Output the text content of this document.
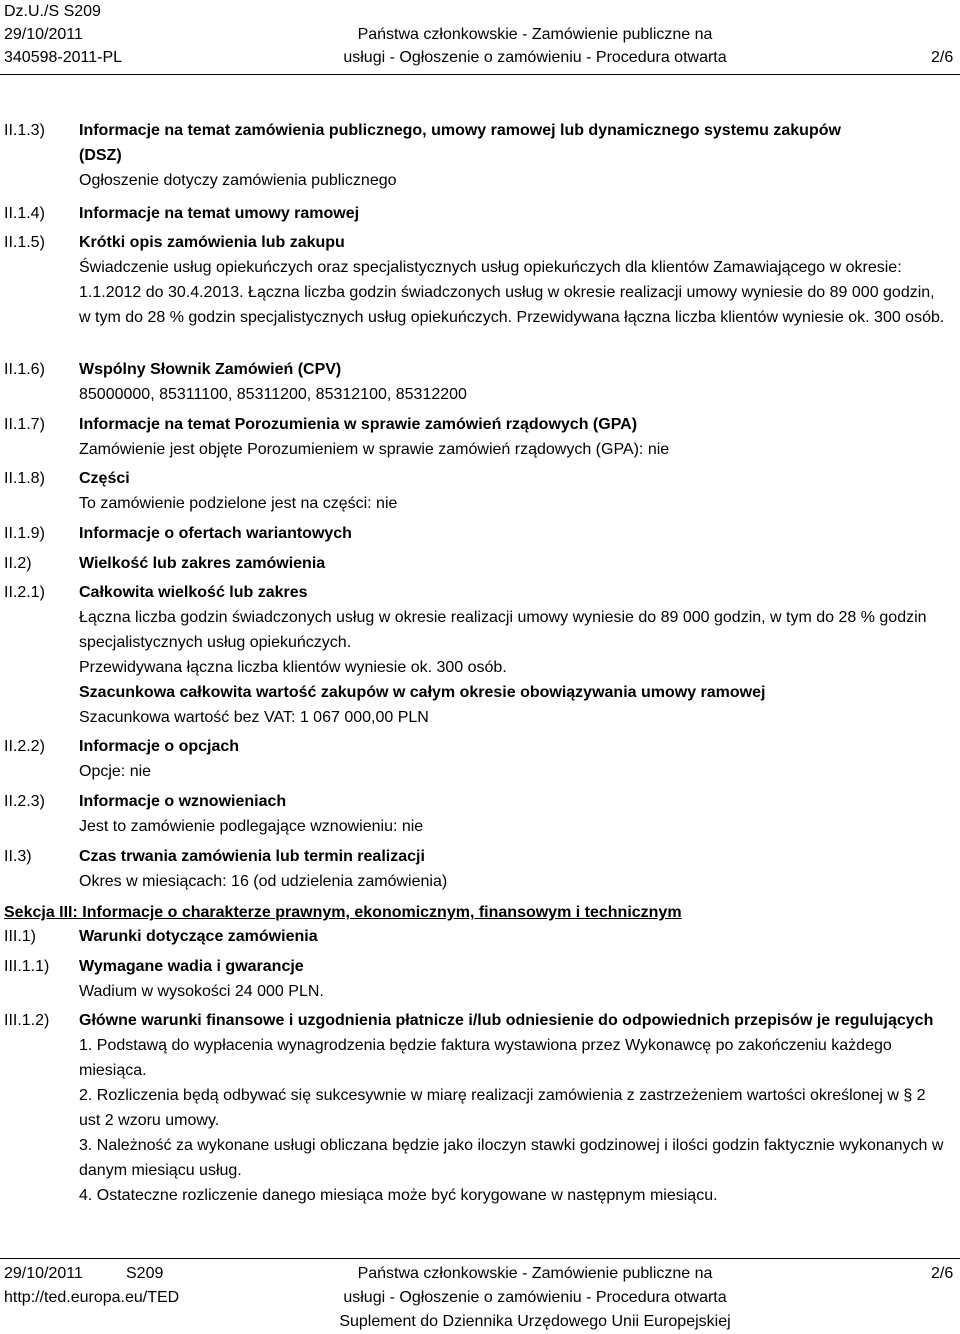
Dz.U./S S209
29/10/2011
340598-2011-PL
Państwa członkowskie - Zamówienie publiczne na
usługi - Ogłoszenie o zamówieniu - Procedura otwarta	2/6
II.1.3)	Informacje na temat zamówienia publicznego, umowy ramowej lub dynamicznego systemu zakupów
(DSZ)
Ogłoszenie dotyczy zamówienia publicznego
II.1.4)	Informacje na temat umowy ramowej
II.1.5)	Krótki opis zamówienia lub zakupu
Świadczenie usług opiekuńczych oraz specjalistycznych usług opiekuńczych dla klientów Zamawiającego w okresie: 1.1.2012 do 30.4.2013. Łączna liczba godzin świadczonych usług w okresie realizacji umowy wyniesie do 89 000 godzin, w tym do 28 % godzin specjalistycznych usług opiekuńczych. Przewidywana łączna liczba klientów wyniesie ok. 300 osób.
II.1.6)	Wspólny Słownik Zamówień (CPV)
85000000, 85311100, 85311200, 85312100, 85312200
II.1.7)	Informacje na temat Porozumienia w sprawie zamówień rządowych (GPA)
Zamówienie jest objęte Porozumieniem w sprawie zamówień rządowych (GPA): nie
II.1.8)	Części
To zamówienie podzielone jest na części: nie
II.1.9)	Informacje o ofertach wariantowych
II.2)	Wielkość lub zakres zamówienia
II.2.1)	Całkowita wielkość lub zakres
Łączna liczba godzin świadczonych usług w okresie realizacji umowy wyniesie do 89 000 godzin, w tym do 28 % godzin specjalistycznych usług opiekuńczych.
Przewidywana łączna liczba klientów wyniesie ok. 300 osób.
Szacunkowa całkowita wartość zakupów w całym okresie obowiązywania umowy ramowej
Szacunkowa wartość bez VAT: 1 067 000,00 PLN
II.2.2)	Informacje o opcjach
Opcje: nie
II.2.3)	Informacje o wznowieniach
Jest to zamówienie podlegające wznowieniu: nie
II.3)	Czas trwania zamówienia lub termin realizacji
Okres w miesiącach: 16 (od udzielenia zamówienia)
III.1)	Warunki dotyczące zamówienia
III.1.1)	Wymagane wadia i gwarancje
Wadium w wysokości 24 000 PLN.
III.1.2)	Główne warunki finansowe i uzgodnienia płatnicze i/lub odniesienie do odpowiednich przepisów je regulujących
1. Podstawą do wypłacenia wynagrodzenia będzie faktura wystawiona przez Wykonawcę po zakończeniu każdego miesiąca.
2. Rozliczenia będą odbywać się sukcesywnie w miarę realizacji zamówienia z zastrzeżeniem wartości określonej w § 2 ust 2 wzoru umowy.
3. Należność za wykonane usługi obliczana będzie jako iloczyn stawki godzinowej i ilości godzin faktycznie wykonanych w danym miesiącu usług.
4. Ostateczne rozliczenie danego miesiąca może być korygowane w następnym miesiącu.
Sekcja III: Informacje o charakterze prawnym, ekonomicznym, finansowym i technicznym
29/10/2011	S209
http://ted.europa.eu/TED
Państwa członkowskie - Zamówienie publiczne na
usługi - Ogłoszenie o zamówieniu - Procedura otwarta
Suplement do Dziennika Urzędowego Unii Europejskiej
2/6
